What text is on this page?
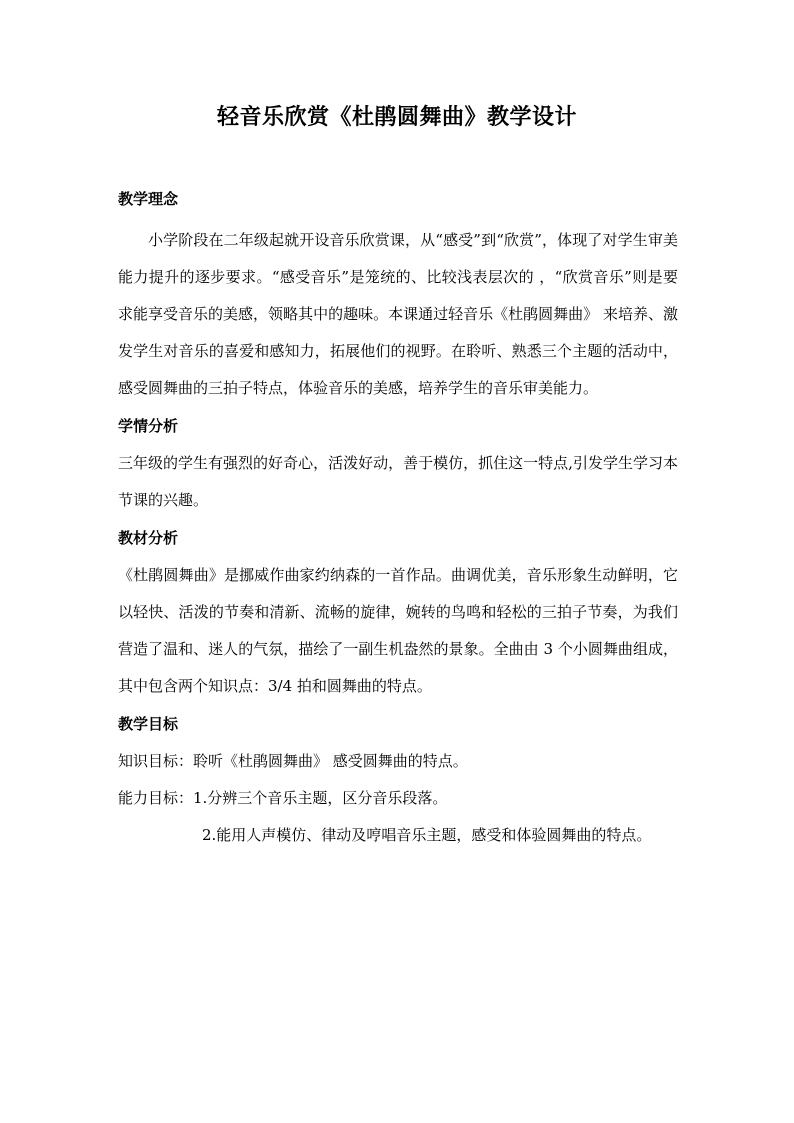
轻音乐欣赏《杜鹃圆舞曲》教学设计
教学理念

小学阶段在二年级起就开设音乐欣赏课，从“感受”到“欣赏”，体现了对学生审美能力提升的逐步要求。“感受音乐”是笼统的、比较浅表层次的 ，“欣赏音乐”则是要求能享受音乐的美感，领略其中的趣味。本课通过轻音乐《杜鹃圆舞曲》 来培养、激发学生对音乐的喜爱和感知力，拓展他们的视野。在聆听、熟悉三个主题的活动中，感受圆舞曲的三拍子特点，体验音乐的美感，培养学生的音乐审美能力。

学情分析

三年级的学生有强烈的好奇心，活泼好动，善于模仿，抓住这一特点,引发学生学习本节课的兴趣。

教材分析

《杜鹃圆舞曲》是挪威作曲家约纳森的一首作品。曲调优美，音乐形象生动鲜明，它以轻快、活泼的节奏和清新、流畅的旋律，婉转的鸟鸣和轻松的三拍子节奏，为我们营造了温和、迷人的气氛，描绘了一副生机盎然的景象。全曲由 3 个小圆舞曲组成，其中包含两个知识点：3/4 拍和圆舞曲的特点。

教学目标
知识目标：聆听《杜鹃圆舞曲》 感受圆舞曲的特点。
能力目标：1.分辨三个音乐主题，区分音乐段落。

2.能用人声模仿、律动及哼唱音乐主题，感受和体验圆舞曲的特点。
